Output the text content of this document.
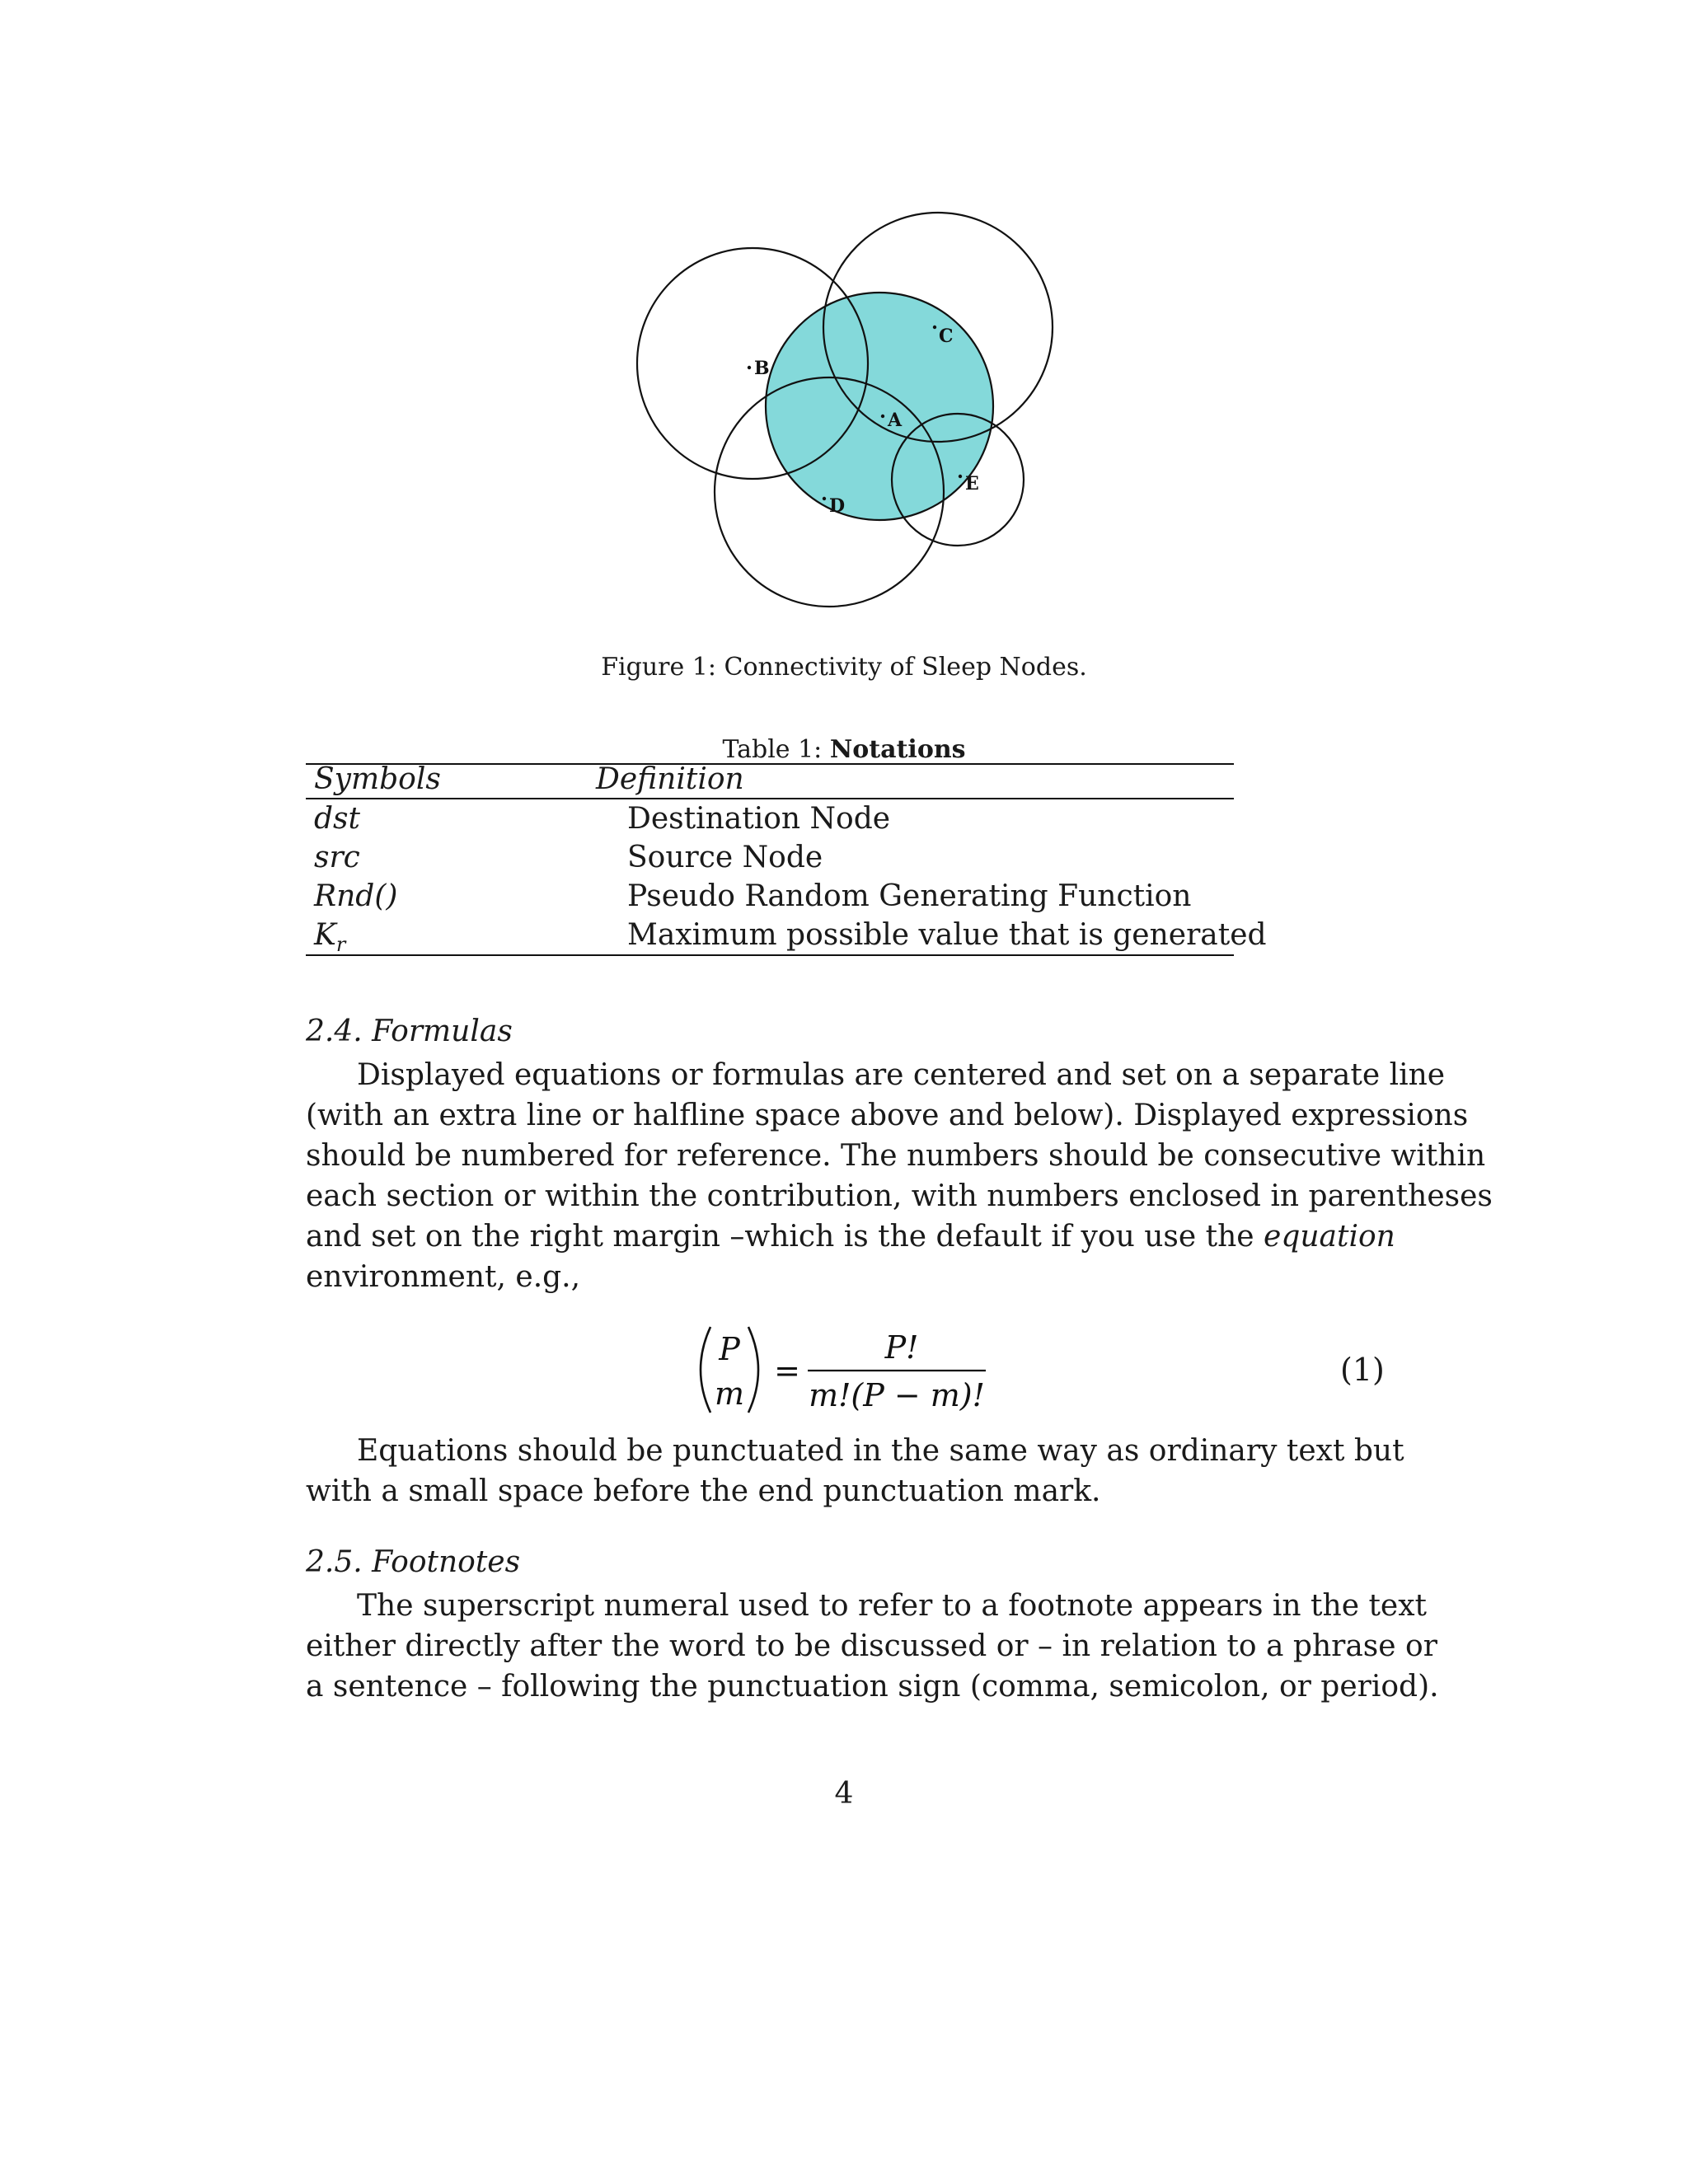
A
B
C
D
E
Figure 1: Connectivity of Sleep Nodes.
Table 1: Notations
Symbols	Definition
dst	Destination Node
src	Source Node
Rnd()	Pseudo Random Generating Function
$K_r$	Maximum possible value that is generated
2.4. Formulas
Displayed equations or formulas are centered and set on a separate line
(with an extra line or halfline space above and below). Displayed expressions
should be numbered for reference. The numbers should be consecutive within
each section or within the contribution, with numbers enclosed in parentheses
and set on the right margin –which is the default if you use the equation
environment, e.g.,
P
m
=
P!
m!(P − m)!
(1)
Equations should be punctuated in the same way as ordinary text but
with a small space before the end punctuation mark.
2.5. Footnotes
The superscript numeral used to refer to a footnote appears in the text
either directly after the word to be discussed or – in relation to a phrase or
a sentence – following the punctuation sign (comma, semicolon, or period).
4
